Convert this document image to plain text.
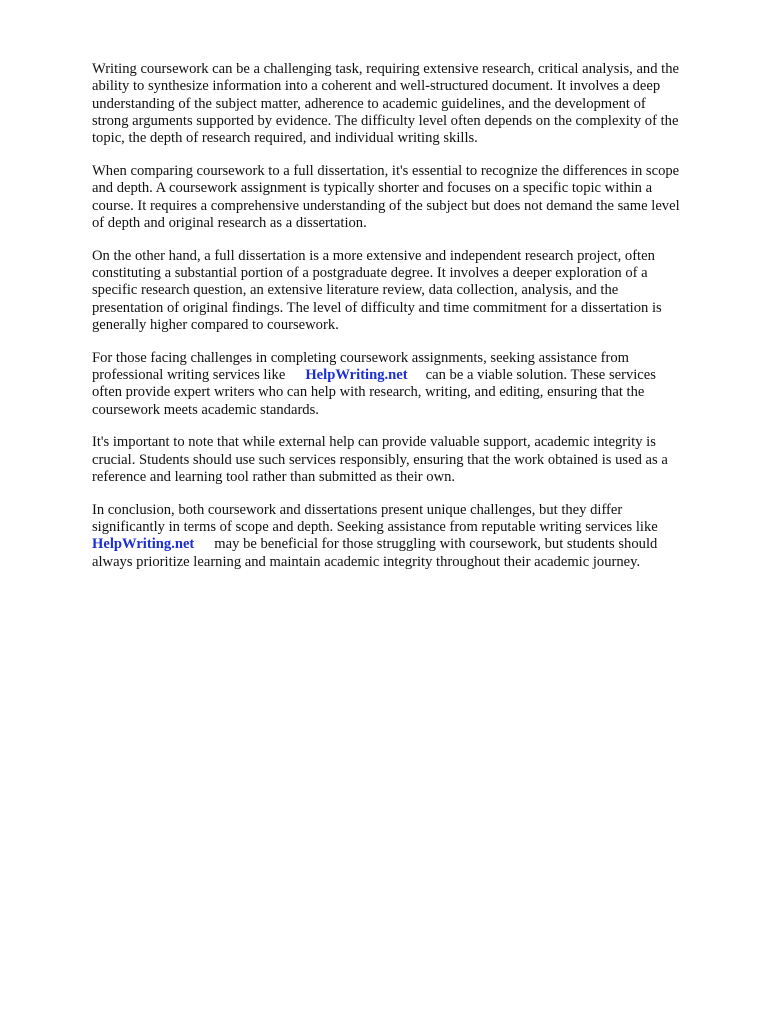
Writing coursework can be a challenging task, requiring extensive research, critical analysis, and the
ability to synthesize information into a coherent and well-structured document. It involves a deep
understanding of the subject matter, adherence to academic guidelines, and the development of
strong arguments supported by evidence. The difficulty level often depends on the complexity of the
topic, the depth of research required, and individual writing skills.

When comparing coursework to a full dissertation, it's essential to recognize the differences in scope
and depth. A coursework assignment is typically shorter and focuses on a specific topic within a
course. It requires a comprehensive understanding of the subject but does not demand the same level
of depth and original research as a dissertation.

On the other hand, a full dissertation is a more extensive and independent research project, often
constituting a substantial portion of a postgraduate degree. It involves a deeper exploration of a
specific research question, an extensive literature review, data collection, analysis, and the
presentation of original findings. The level of difficulty and time commitment for a dissertation is
generally higher compared to coursework.

For those facing challenges in completing coursework assignments, seeking assistance from
professional writing services like HelpWriting.net can be a viable solution. These services
often provide expert writers who can help with research, writing, and editing, ensuring that the
coursework meets academic standards.

It's important to note that while external help can provide valuable support, academic integrity is
crucial. Students should use such services responsibly, ensuring that the work obtained is used as a
reference and learning tool rather than submitted as their own.

In conclusion, both coursework and dissertations present unique challenges, but they differ
significantly in terms of scope and depth. Seeking assistance from reputable writing services like
HelpWriting.net may be beneficial for those struggling with coursework, but students should
always prioritize learning and maintain academic integrity throughout their academic journey.
